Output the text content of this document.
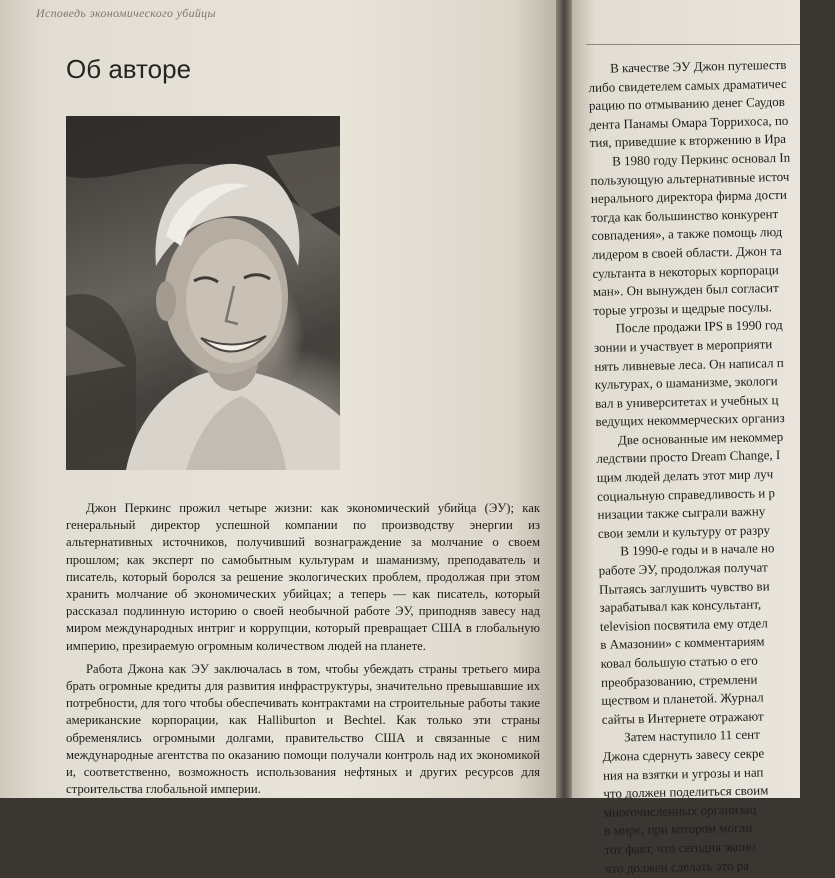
Исповедь экономического убийцы
Об авторе

Джон Перкинс прожил четыре жизни: как экономический убийца (ЭУ); как генеральный директор успешной компании по производству энергии из альтернативных источников, получивший вознаграждение за молчание о своем прошлом; как эксперт по самобытным культурам и шаманизму, преподаватель и писатель, который боролся за решение экологических проблем, продолжая при этом хранить молчание об экономических убийцах; а теперь — как писатель, который рассказал подлинную историю о своей необычной работе ЭУ, приподняв завесу над миром международных интриг и коррупции, который превращает США в глобальную империю, презираемую огромным количеством людей на планете.

Работа Джона как ЭУ заключалась в том, чтобы убеждать страны третьего мира брать огромные кредиты для развития инфраструктуры, значительно превышавшие их потребности, для того чтобы обеспечивать контрактами на строительные работы такие американские корпорации, как Halliburton и Bechtel. Как только эти страны обременялись огромными долгами, правительство США и связанные с ним международные агентства по оказанию помощи получали контроль над их экономикой и, соответственно, возможность использования нефтяных и других ресурсов для строительства глобальной империи.

В качестве ЭУ Джон путешеств
либо свидетелем самых драматичес
рацию по отмыванию денег Саудов
дента Панамы Омара Торрихоса, по
тия, приведшие к вторжению в Ира
В 1980 году Перкинс основал In
пользующую альтернативные источ
нерального директора фирма дости
тогда как большинство конкурент
совпадения», а также помощь люд
лидером в своей области. Джон та
сультанта в некоторых корпораци
ман». Он вынужден был согласит
торые угрозы и щедрые посулы.
После продажи IPS в 1990 год
зонии и участвует в мероприяти
нять ливневые леса. Он написал п
культурах, о шаманизме, экологи
вал в университетах и учебных ц
ведущих некоммерческих организ
Две основанные им некоммер
ледствии просто Dream Change, I
щим людей делать этот мир луч
социальную справедливость и р
низации также сыграли важну
свои земли и культуру от разру
В 1990-е годы и в начале но
работе ЭУ, продолжая получат
Пытаясь заглушить чувство ви
зарабатывал как консультант,
television посвятила ему отдел
в Амазонии» с комментариям
ковал большую статью о его
преобразованию, стремлени
ществом и планетой. Журнал
сайты в Интернете отражают
Затем наступило 11 сент
Джона сдернуть завесу секре
ния на взятки и угрозы и нап
что должен поделиться своим
многочисленных организац
в мире, при котором могли
тот факт, что сегодня эконо
что должен сделать это ра
